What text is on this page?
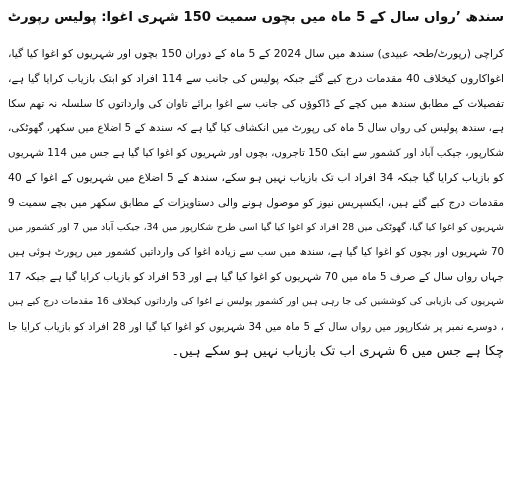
سندھ ’رواں سال کے 5 ماہ میں بچوں سمیت 150 شہری اغوا: پولیس رپورٹ
کراچی (رپورٹ/طحہ عبیدی) سندھ میں سال 2024 کے 5 ماہ کے دوران 150 بچوں اور شہریوں کو اغوا کیا گیا،
اغواکاروں کیخلاف 40 مقدمات درج کیے گئے جبکہ پولیس کی جانب سے 114 افراد کو ابتک بازیاب کرایا گیا ہے،
تفصیلات کے مطابق سندھ میں کچے کے ڈاکوؤں کی جانب سے اغوا برائے تاوان کی وارداتوں کا سلسلہ نہ تھم سکا
ہے، سندھ پولیس کی رواں سال 5 ماہ کی رپورٹ میں انکشاف کیا گیا ہے کہ سندھ کے 5 اضلاع میں سکھر، گھوٹکی،
شکارپور، جیکب آباد اور کشمور سے ابتک 150 تاجروں، بچوں اور شہریوں کو اغوا کیا گیا ہے جس میں 114 شہریوں
کو بازیاب کرایا گیا جبکہ 34 افراد اب تک بازیاب نہیں ہو سکے، سندھ کے 5 اضلاع میں شہریوں کے اغوا کے 40
مقدمات درج کیے گئے ہیں، ایکسپریس نیوز کو موصول ہونے والی دستاویزات کے مطابق سکھر میں بچے سمیت 9
شہریوں کو اغوا کیا گیا، گھوٹکی میں 28 افراد کو اغوا کیا گیا اسی طرح شکارپور میں 34، جیکب آباد میں 7 اور کشمور میں
70 شہریوں اور بچوں کو اغوا کیا گیا ہے، سندھ میں سب سے زیادہ اغوا کی وارداتیں کشمور میں رپورٹ ہوئی ہیں
جہاں رواں سال کے صرف 5 ماہ میں 70 شہریوں کو اغوا کیا گیا ہے اور 53 افراد کو بازیاب کرایا گیا ہے جبکہ 17
شہریوں کی بازیابی کی کوششیں کی جا رہی ہیں اور کشمور پولیس نے اغوا کی وارداتوں کیخلاف 16 مقدمات درج کیے ہیں
، دوسرے نمبر پر شکارپور میں رواں سال کے 5 ماہ میں 34 شہریوں کو اغوا کیا گیا اور 28 افراد کو بازیاب کرایا جا
چکا ہے جس میں 6 شہری اب تک بازیاب نہیں ہو سکے ہیں۔
